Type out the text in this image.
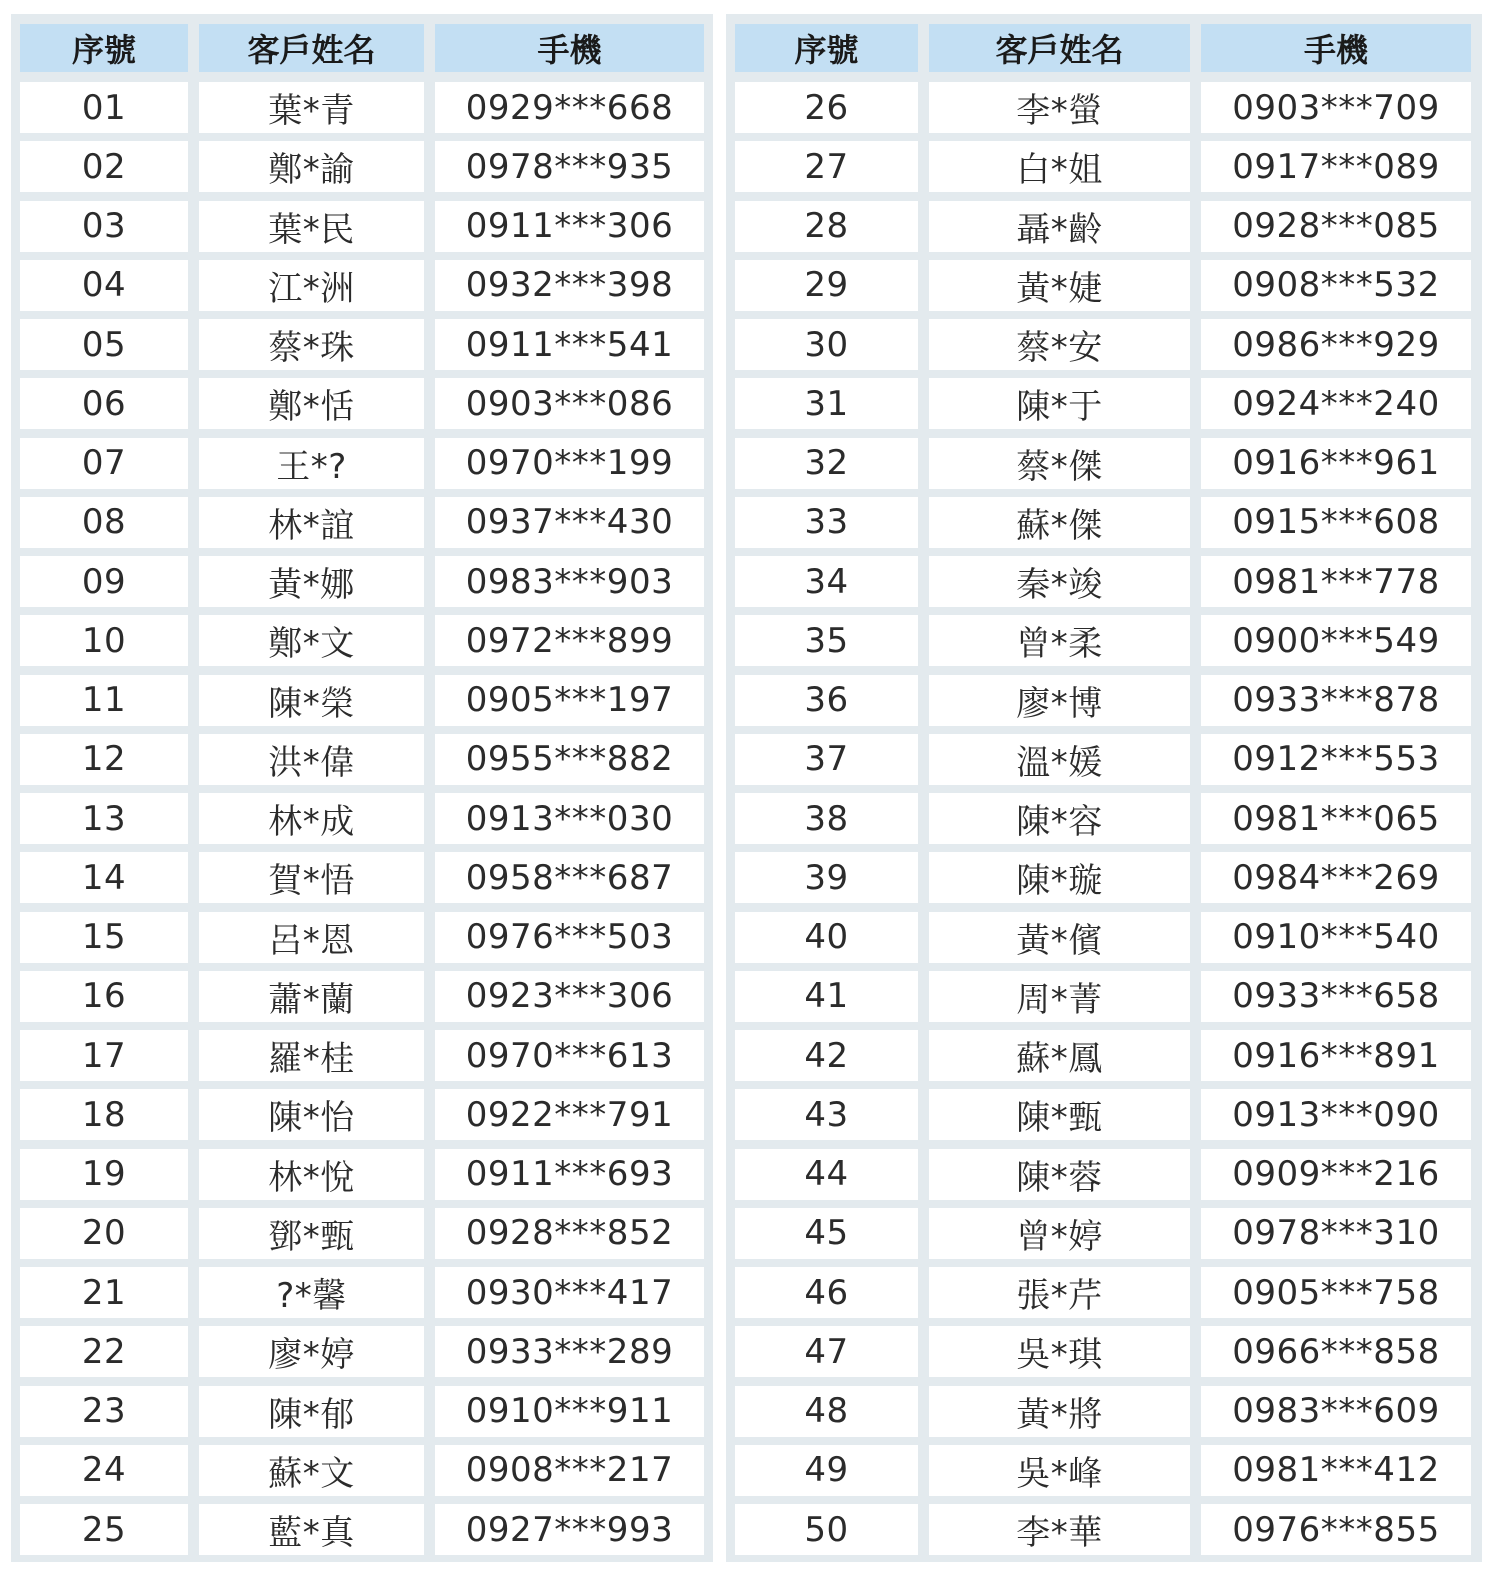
序號	客戶姓名	手機
01	葉*青	0929***668
02	鄭*諭	0978***935
03	葉*民	0911***306
04	江*洲	0932***398
05	蔡*珠	0911***541
06	鄭*恬	0903***086
07	王*?	0970***199
08	林*誼	0937***430
09	黃*娜	0983***903
10	鄭*文	0972***899
11	陳*榮	0905***197
12	洪*偉	0955***882
13	林*成	0913***030
14	賀*悟	0958***687
15	呂*恩	0976***503
16	蕭*蘭	0923***306
17	羅*桂	0970***613
18	陳*怡	0922***791
19	林*悅	0911***693
20	鄧*甄	0928***852
21	?*馨	0930***417
22	廖*婷	0933***289
23	陳*郁	0910***911
24	蘇*文	0908***217
25	藍*真	0927***993
序號	客戶姓名	手機
26	李*螢	0903***709
27	白*姐	0917***089
28	聶*齡	0928***085
29	黃*婕	0908***532
30	蔡*安	0986***929
31	陳*于	0924***240
32	蔡*傑	0916***961
33	蘇*傑	0915***608
34	秦*竣	0981***778
35	曾*柔	0900***549
36	廖*博	0933***878
37	溫*媛	0912***553
38	陳*容	0981***065
39	陳*璇	0984***269
40	黃*儐	0910***540
41	周*菁	0933***658
42	蘇*鳳	0916***891
43	陳*甄	0913***090
44	陳*蓉	0909***216
45	曾*婷	0978***310
46	張*芹	0905***758
47	吳*琪	0966***858
48	黃*將	0983***609
49	吳*峰	0981***412
50	李*華	0976***855
